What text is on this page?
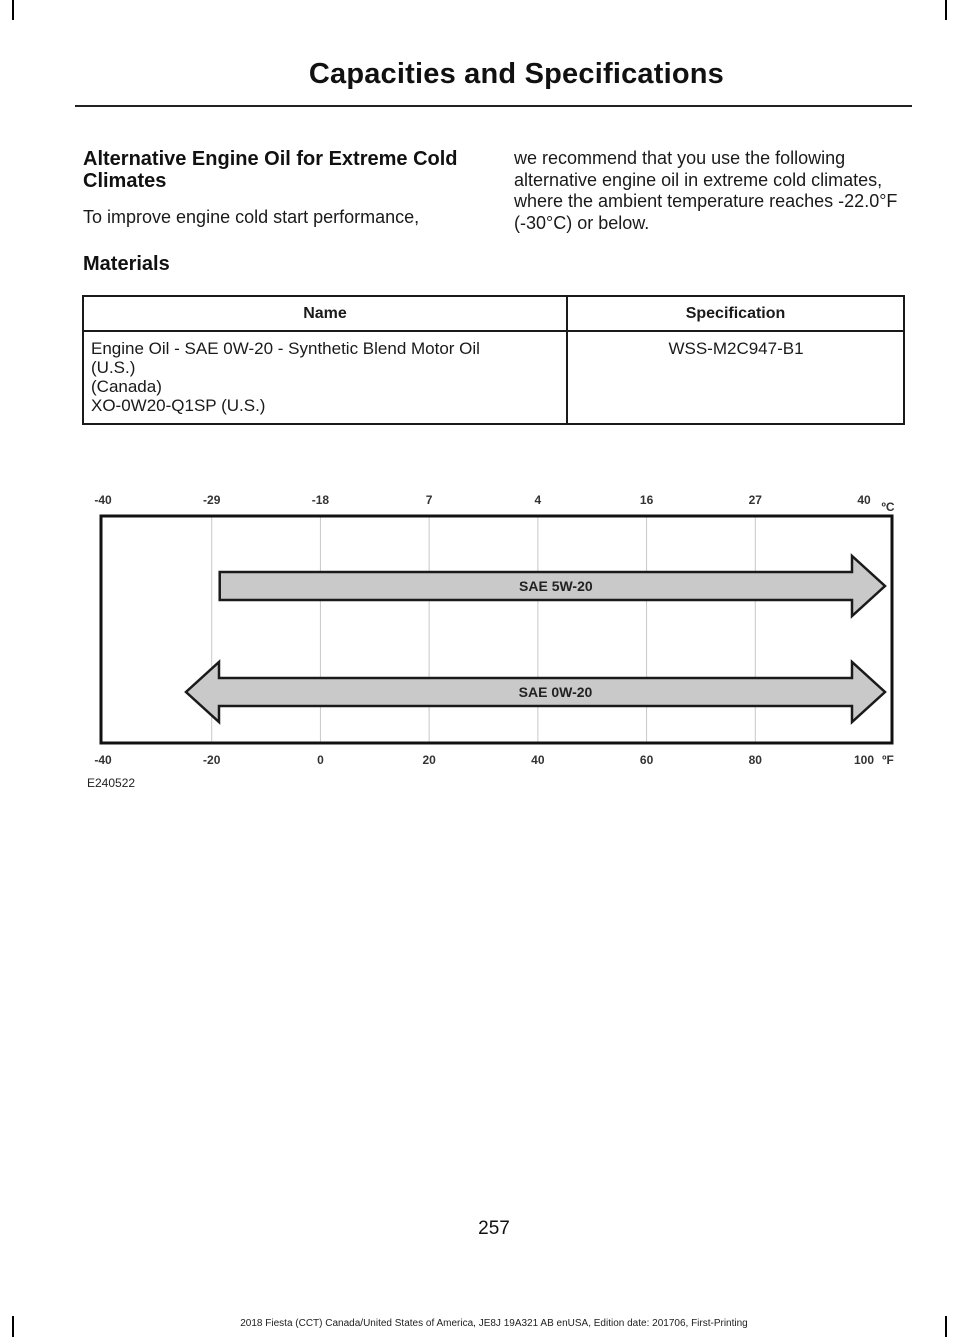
Capacities and Specifications
Alternative Engine Oil for Extreme Cold Climates
To improve engine cold start performance,
we recommend that you use the following alternative engine oil in extreme cold climates, where the ambient temperature reaches -22.0°F (-30°C) or below.
Materials
Name	Specification

Engine Oil - SAE 0W-20 - Synthetic Blend Motor Oil
(U.S.)
(Canada)
XO-0W20-Q1SP (U.S.)	WSS-M2C947-B1
-40	-29	-18	7	4	16	27	40 ºC
-40	-20	0	20	40	60	80	100 ºF
SAE 5W-20
SAE 0W-20
E240522
257
2018 Fiesta (CCT) Canada/United States of America, JE8J 19A321 AB enUSA, Edition date: 201706, First-Printing
